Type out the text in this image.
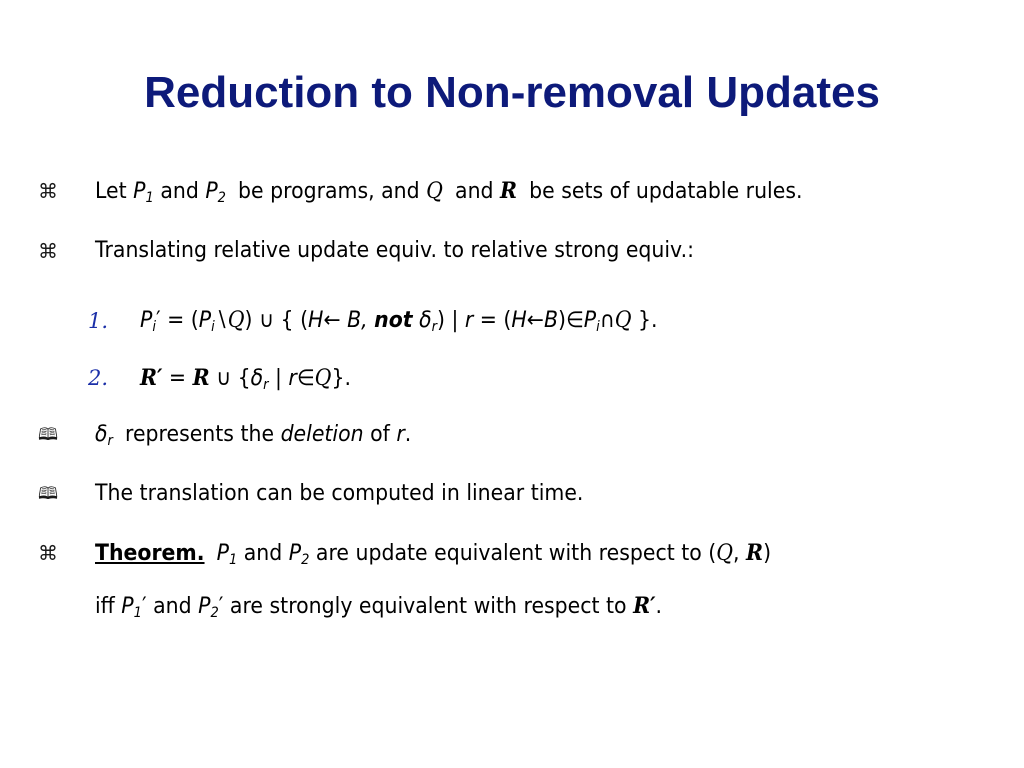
Reduction to Non-removal Updates
⌘	Let $P_1$ and $P_2$ be programs, and Q and R be sets of updatable rules.
⌘	Translating relative update equiv. to relative strong equiv.:
1. $P_i'$ = $(P_i∖Q)$ ∪ { (H← B, not $\delta_r$) | $r = (H\leftarrow B)\in P_i\cap Q$ }.
2. R′ = R ∪ {$\delta_r$ | r∈Q}.
🕮	$\delta_r$ represents the deletion of r.
🕮	The translation can be computed in linear time.
⌘	Theorem. $P_1$ and $P_2$ are update equivalent with respect to (Q, R)
iff $P_1'$ and $P_2'$ are strongly equivalent with respect to R′.
